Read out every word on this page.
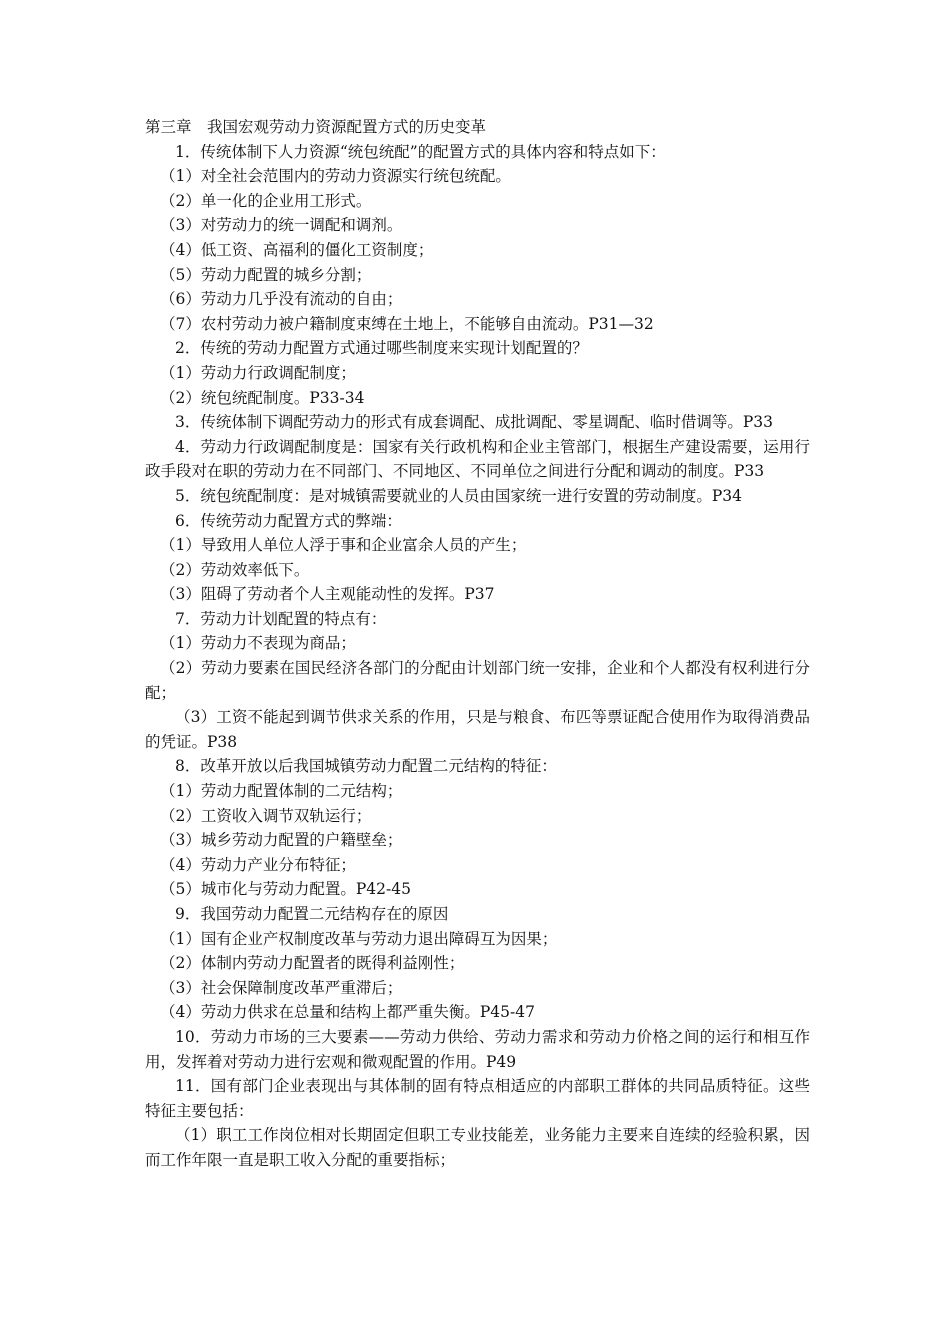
第三章　我国宏观劳动力资源配置方式的历史变革

1．传统体制下人力资源“统包统配”的配置方式的具体内容和特点如下：

（1）对全社会范围内的劳动力资源实行统包统配。

（2）单一化的企业用工形式。

（3）对劳动力的统一调配和调剂。

（4）低工资、高福利的僵化工资制度；

（5）劳动力配置的城乡分割；

（6）劳动力几乎没有流动的自由；

（7）农村劳动力被户籍制度束缚在土地上，不能够自由流动。P31—32

2．传统的劳动力配置方式通过哪些制度来实现计划配置的？

（1）劳动力行政调配制度；

（2）统包统配制度。P33-34

3．传统体制下调配劳动力的形式有成套调配、成批调配、零星调配、临时借调等。P33

4．劳动力行政调配制度是：国家有关行政机构和企业主管部门，根据生产建设需要，运用行政手段对在职的劳动力在不同部门、不同地区、不同单位之间进行分配和调动的制度。P33

5．统包统配制度：是对城镇需要就业的人员由国家统一进行安置的劳动制度。P34

6．传统劳动力配置方式的弊端：

（1）导致用人单位人浮于事和企业富余人员的产生；

（2）劳动效率低下。

（3）阻碍了劳动者个人主观能动性的发挥。P37

7．劳动力计划配置的特点有：

（1）劳动力不表现为商品；

（2）劳动力要素在国民经济各部门的分配由计划部门统一安排，企业和个人都没有权利进行分配；

（3）工资不能起到调节供求关系的作用，只是与粮食、布匹等票证配合使用作为取得消费品的凭证。P38

8．改革开放以后我国城镇劳动力配置二元结构的特征：

（1）劳动力配置体制的二元结构；

（2）工资收入调节双轨运行；

（3）城乡劳动力配置的户籍壁垒；

（4）劳动力产业分布特征；

（5）城市化与劳动力配置。P42-45

9．我国劳动力配置二元结构存在的原因

（1）国有企业产权制度改革与劳动力退出障碍互为因果；

（2）体制内劳动力配置者的既得利益刚性；

（3）社会保障制度改革严重滞后；

（4）劳动力供求在总量和结构上都严重失衡。P45-47

10．劳动力市场的三大要素——劳动力供给、劳动力需求和劳动力价格之间的运行和相互作用，发挥着对劳动力进行宏观和微观配置的作用。P49

11．国有部门企业表现出与其体制的固有特点相适应的内部职工群体的共同品质特征。这些特征主要包括：

（1）职工工作岗位相对长期固定但职工专业技能差，业务能力主要来自连续的经验积累，因而工作年限一直是职工收入分配的重要指标；
